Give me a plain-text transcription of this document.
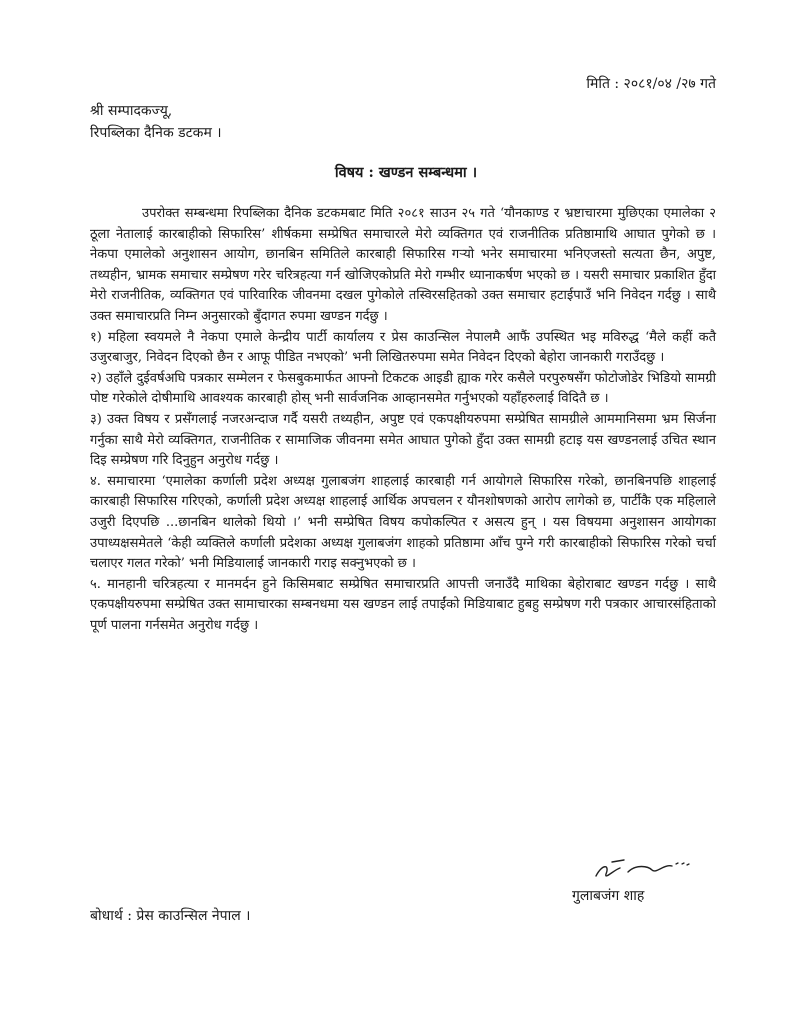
मिति : २०८१/०४ /२७ गते
श्री सम्पादकज्यू,
रिपब्लिका दैनिक डटकम ।
विषय : खण्डन सम्बन्धमा ।

उपरोक्त सम्बन्धमा रिपब्लिका दैनिक डटकमबाट मिति २०८१ साउन २५ गते ‘यौनकाण्ड र भ्रष्टाचारमा मुछिएका एमालेका २ ठूला नेतालाई कारबाहीको सिफारिस’ शीर्षकमा सम्प्रेषित समाचारले मेरो व्यक्तिगत एवं राजनीतिक प्रतिष्ठामाथि आघात पुगेको छ । नेकपा एमालेको अनुशासन आयोग, छानबिन समितिले कारबाही सिफारिस गऱ्यो भनेर समाचारमा भनिएजस्तो सत्यता छैन, अपुष्ट, तथ्यहीन, भ्रामक समाचार सम्प्रेषण गरेर चरित्रहत्या गर्न खोजिएकोप्रति मेरो गम्भीर ध्यानाकर्षण भएको छ । यसरी समाचार प्रकाशित हुँदा मेरो राजनीतिक, व्यक्तिगत एवं पारिवारिक जीवनमा दखल पुगेकोले तस्विरसहितको उक्त समाचार हटाईपाउँ भनि निवेदन गर्दछु । साथै उक्त समाचारप्रति निम्न अनुसारको बुँदागत रुपमा खण्डन गर्दछु ।

१) महिला स्वयमले नै नेकपा एमाले केन्द्रीय पार्टी कार्यालय र प्रेस काउन्सिल नेपालमै आफैं उपस्थित भइ मविरुद्ध ‘मैले कहीं कतै उजुरबाजुर, निवेदन दिएको छैन र आफू पीडित नभएको’ भनी लिखितरुपमा समेत निवेदन दिएको बेहोरा जानकारी गराउँदछु ।

२) उहाँले दुईवर्षअघि पत्रकार सम्मेलन र फेसबुकमार्फत आफ्नो टिकटक आइडी ह्याक गरेर कसैले परपुरुषसँग फोटोजोडेर भिडियो सामग्री पोष्ट गरेकोले दोषीमाथि आवश्यक कारबाही होस् भनी सार्वजनिक आव्हानसमेत गर्नुभएको यहाँहरुलाई विदितै छ ।

३) उक्त विषय र प्रसँगलाई नजरअन्दाज गर्दै यसरी तथ्यहीन, अपुष्ट एवं एकपक्षीयरुपमा सम्प्रेषित सामग्रीले आममानिसमा भ्रम सिर्जना गर्नुका साथै मेरो व्यक्तिगत, राजनीतिक र सामाजिक जीवनमा समेत आघात पुगेको हुँदा उक्त सामग्री हटाइ यस खण्डनलाई उचित स्थान दिइ सम्प्रेषण गरि दिनुहुन अनुरोध गर्दछु ।

४. समाचारमा ‘एमालेका कर्णाली प्रदेश अध्यक्ष गुलाबजंग शाहलाई कारबाही गर्न आयोगले सिफारिस गरेको, छानबिनपछि शाहलाई कारबाही सिफारिस गरिएको, कर्णाली प्रदेश अध्यक्ष शाहलाई आर्थिक अपचलन र यौनशोषणको आरोप लागेको छ, पार्टीकै एक महिलाले उजुरी दिएपछि ...छानबिन थालेको थियो ।’ भनी सम्प्रेषित विषय कपोकल्पित र असत्य हुन् । यस विषयमा अनुशासन आयोगका उपाध्यक्षसमेतले ‘केही व्यक्तिले कर्णाली प्रदेशका अध्यक्ष गुलाबजंग शाहको प्रतिष्ठामा आँच पुग्ने गरी कारबाहीको सिफारिस गरेको चर्चा चलाएर गलत गरेको’ भनी मिडियालाई जानकारी गराइ सक्नुभएको छ ।

५. मानहानी चरित्रहत्या र मानमर्दन हुने किसिमबाट सम्प्रेषित समाचारप्रति आपत्ती जनाउँदै माथिका बेहोराबाट खण्डन गर्दछु । साथै एकपक्षीयरुपमा सम्प्रेषित उक्त सामाचारका सम्बनधमा यस खण्डन लाई तपाईंको मिडियाबाट हुबहु सम्प्रेषण गरी पत्रकार आचारसंहिताको पूर्ण पालना गर्नसमेत अनुरोध गर्दछु ।

गुलाबजंग शाह
बोधार्थ : प्रेस काउन्सिल नेपाल ।
